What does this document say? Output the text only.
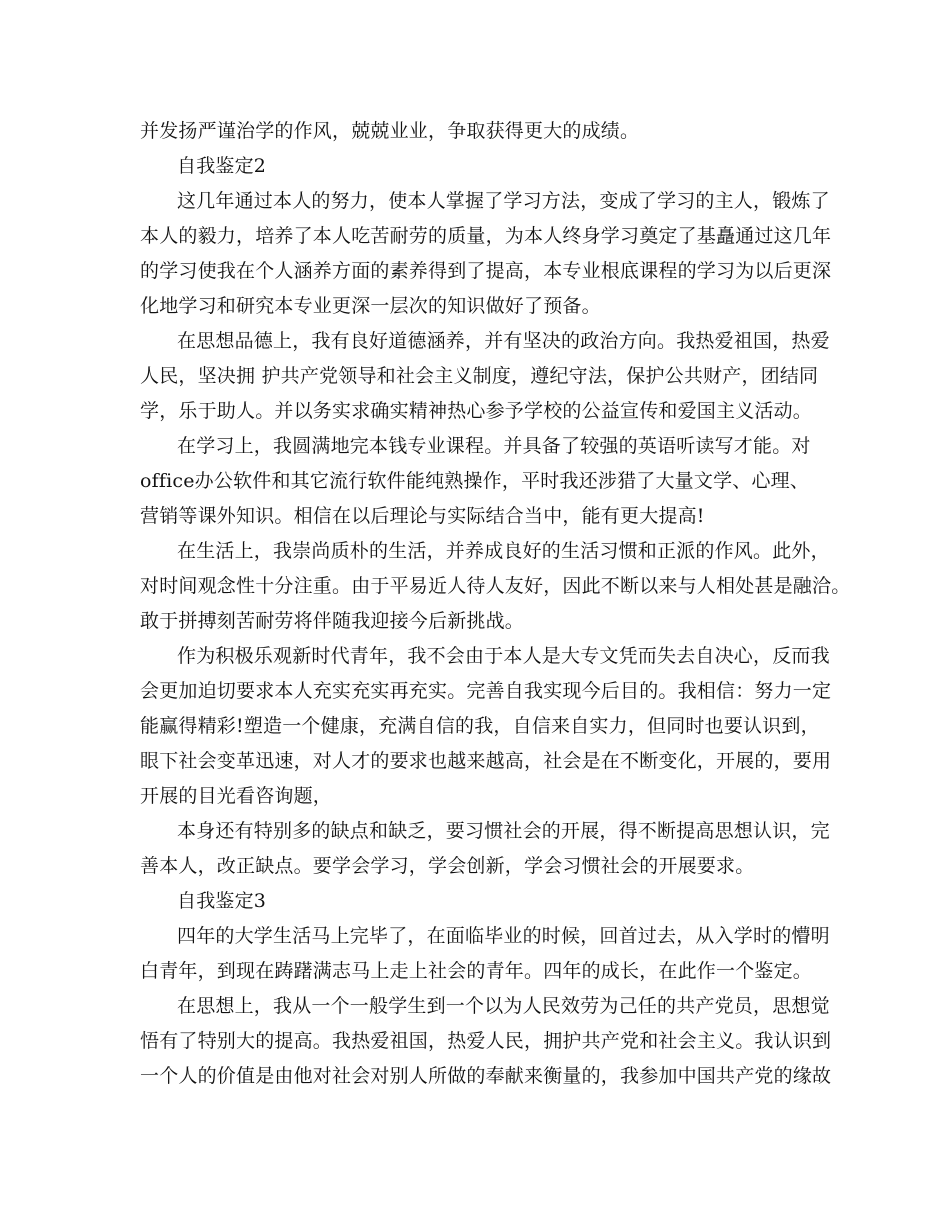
并发扬严谨治学的作风，兢兢业业，争取获得更大的成绩。
自我鉴定2
这几年通过本人的努力，使本人掌握了学习方法，变成了学习的主人，锻炼了
本人的毅力，培养了本人吃苦耐劳的质量，为本人终身学习奠定了基矗通过这几年
的学习使我在个人涵养方面的素养得到了提高，本专业根底课程的学习为以后更深
化地学习和研究本专业更深一层次的知识做好了预备。
在思想品德上，我有良好道德涵养，并有坚决的政治方向。我热爱祖国，热爱
人民，坚决拥 护共产党领导和社会主义制度，遵纪守法，保护公共财产，团结同
学，乐于助人。并以务实求确实精神热心参予学校的公益宣传和爱国主义活动。
在学习上，我圆满地完本钱专业课程。并具备了较强的英语听读写才能。对
office办公软件和其它流行软件能纯熟操作，平时我还涉猎了大量文学、心理、
营销等课外知识。相信在以后理论与实际结合当中，能有更大提高!
在生活上，我崇尚质朴的生活，并养成良好的生活习惯和正派的作风。此外，
对时间观念性十分注重。由于平易近人待人友好，因此不断以来与人相处甚是融洽。
敢于拼搏刻苦耐劳将伴随我迎接今后新挑战。
作为积极乐观新时代青年，我不会由于本人是大专文凭而失去自决心，反而我
会更加迫切要求本人充实充实再充实。完善自我实现今后目的。我相信：努力一定
能赢得精彩!塑造一个健康，充满自信的我，自信来自实力，但同时也要认识到，
眼下社会变革迅速，对人才的要求也越来越高，社会是在不断变化，开展的，要用
开展的目光看咨询题，
本身还有特别多的缺点和缺乏，要习惯社会的开展，得不断提高思想认识，完
善本人，改正缺点。要学会学习，学会创新，学会习惯社会的开展要求。
自我鉴定3
四年的大学生活马上完毕了，在面临毕业的时候，回首过去，从入学时的懵明
白青年，到现在踌躇满志马上走上社会的青年。四年的成长，在此作一个鉴定。
在思想上，我从一个一般学生到一个以为人民效劳为己任的共产党员，思想觉
悟有了特别大的提高。我热爱祖国，热爱人民，拥护共产党和社会主义。我认识到
一个人的价值是由他对社会对别人所做的奉献来衡量的，我参加中国共产党的缘故
